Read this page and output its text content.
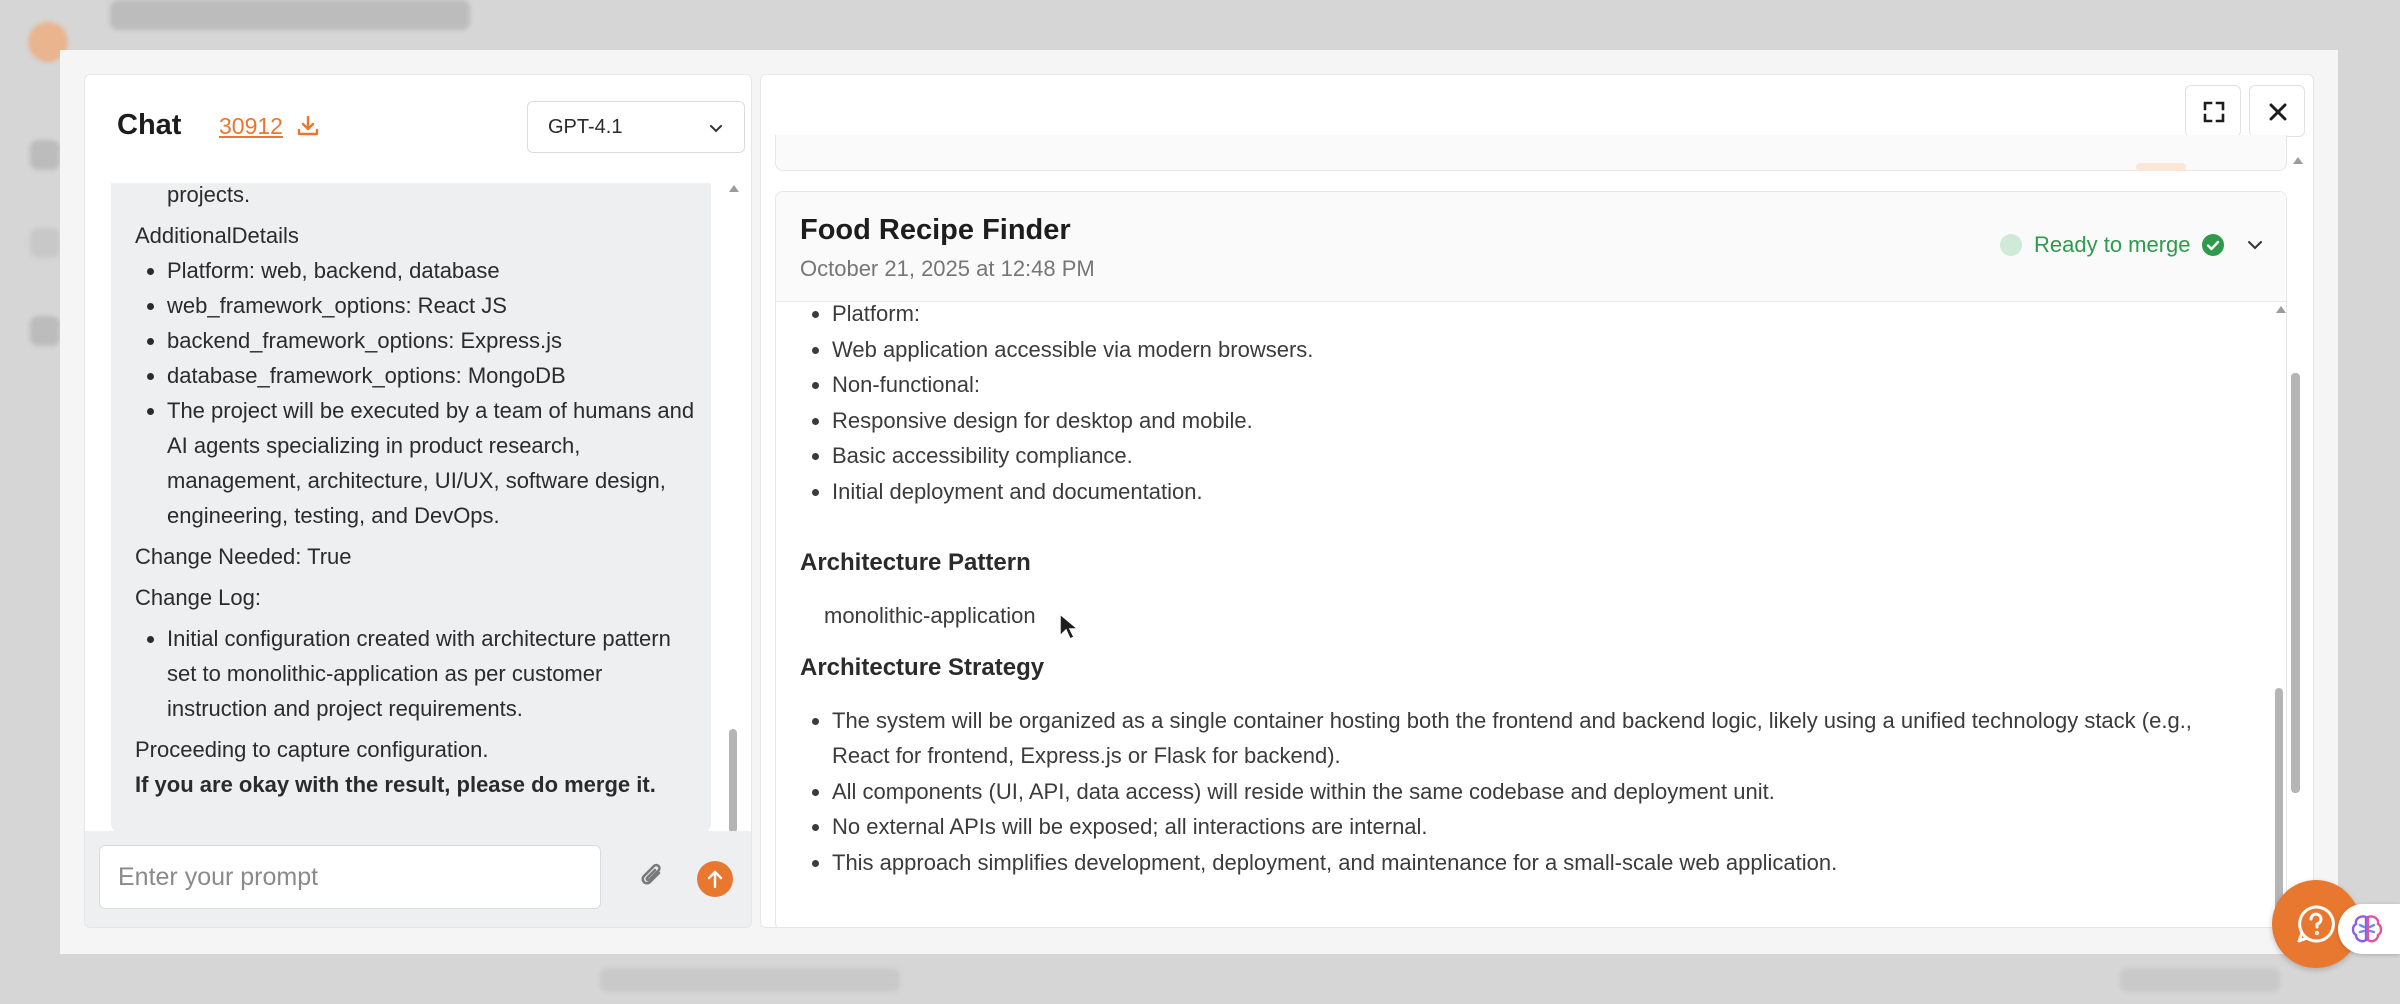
Chat 30912	GPT-4.1
projects.
AdditionalDetails
• Platform: web, backend, database
• web_framework_options: React JS
• backend_framework_options: Express.js
• database_framework_options: MongoDB
• The project will be executed by a team of humans and AI agents specializing in product research, management, architecture, UI/UX, software design, engineering, testing, and DevOps.
Change Needed: True
Change Log:
• Initial configuration created with architecture pattern set to monolithic-application as per customer instruction and project requirements.
Proceeding to capture configuration.
If you are okay with the result, please do merge it.
Enter your prompt
Food Recipe Finder
October 21, 2025 at 12:48 PM
Ready to merge
• Platform:
• Web application accessible via modern browsers.
• Non-functional:
• Responsive design for desktop and mobile.
• Basic accessibility compliance.
• Initial deployment and documentation.
Architecture Pattern
monolithic-application
Architecture Strategy
• The system will be organized as a single container hosting both the frontend and backend logic, likely using a unified technology stack (e.g., React for frontend, Express.js or Flask for backend).
• All components (UI, API, data access) will reside within the same codebase and deployment unit.
• No external APIs will be exposed; all interactions are internal.
• This approach simplifies development, deployment, and maintenance for a small-scale web application.
